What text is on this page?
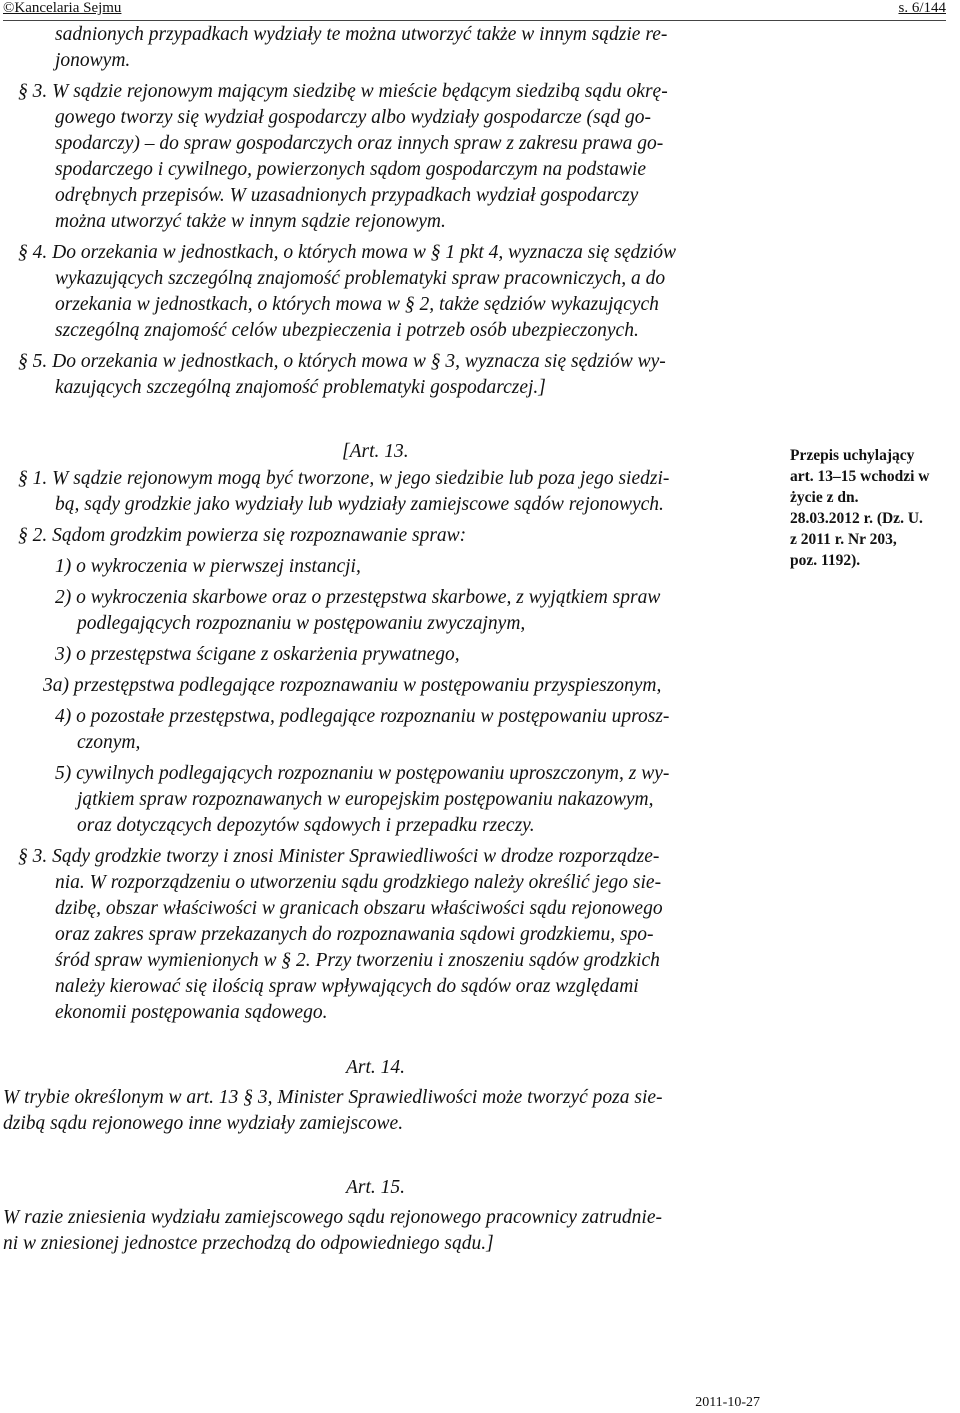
©Kancelaria Sejmu	s. 6/144
sadnionych przypadkach wydziały te można utworzyć także w innym sądzie re-
jonowym.
§ 3. W sądzie rejonowym mającym siedzibę w mieście będącym siedzibą sądu okrę-
gowego tworzy się wydział gospodarczy albo wydziały gospodarcze (sąd go-
spodarczy) – do spraw gospodarczych oraz innych spraw z zakresu prawa go-
spodarczego i cywilnego, powierzonych sądom gospodarczym na podstawie
odrębnych przepisów. W uzasadnionych przypadkach wydział gospodarczy
można utworzyć także w innym sądzie rejonowym.
§ 4. Do orzekania w jednostkach, o których mowa w § 1 pkt 4, wyznacza się sędziów
wykazujących szczególną znajomość problematyki spraw pracowniczych, a do
orzekania w jednostkach, o których mowa w § 2, także sędziów wykazujących
szczególną znajomość celów ubezpieczenia i potrzeb osób ubezpieczonych.
§ 5. Do orzekania w jednostkach, o których mowa w § 3, wyznacza się sędziów wy-
kazujących szczególną znajomość problematyki gospodarczej.]
[Art. 13.
§ 1. W sądzie rejonowym mogą być tworzone, w jego siedzibie lub poza jego siedzi-
bą, sądy grodzkie jako wydziały lub wydziały zamiejscowe sądów rejonowych.
§ 2. Sądom grodzkim powierza się rozpoznawanie spraw:
1) o wykroczenia w pierwszej instancji,
2) o wykroczenia skarbowe oraz o przestępstwa skarbowe, z wyjątkiem spraw
podlegających rozpoznaniu w postępowaniu zwyczajnym,
3) o przestępstwa ścigane z oskarżenia prywatnego,
3a) przestępstwa podlegające rozpoznawaniu w postępowaniu przyspieszonym,
4) o pozostałe przestępstwa, podlegające rozpoznaniu w postępowaniu uprosz-
czonym,
5) cywilnych podlegających rozpoznaniu w postępowaniu uproszczonym, z wy-
jątkiem spraw rozpoznawanych w europejskim postępowaniu nakazowym,
oraz dotyczących depozytów sądowych i przepadku rzeczy.
§ 3. Sądy grodzkie tworzy i znosi Minister Sprawiedliwości w drodze rozporządze-
nia. W rozporządzeniu o utworzeniu sądu grodzkiego należy określić jego sie-
dzibę, obszar właściwości w granicach obszaru właściwości sądu rejonowego
oraz zakres spraw przekazanych do rozpoznawania sądowi grodzkiemu, spo-
śród spraw wymienionych w § 2. Przy tworzeniu i znoszeniu sądów grodzkich
należy kierować się ilością spraw wpływających do sądów oraz względami
ekonomii postępowania sądowego.
Przepis uchylający
art. 13–15 wchodzi w
życie z dn.
28.03.2012 r. (Dz. U.
z 2011 r. Nr 203,
poz. 1192).
Art. 14.
W trybie określonym w art. 13 § 3, Minister Sprawiedliwości może tworzyć poza sie-
dzibą sądu rejonowego inne wydziały zamiejscowe.
Art. 15.
W razie zniesienia wydziału zamiejscowego sądu rejonowego pracownicy zatrudnie-
ni w zniesionej jednostce przechodzą do odpowiedniego sądu.]
2011-10-27
